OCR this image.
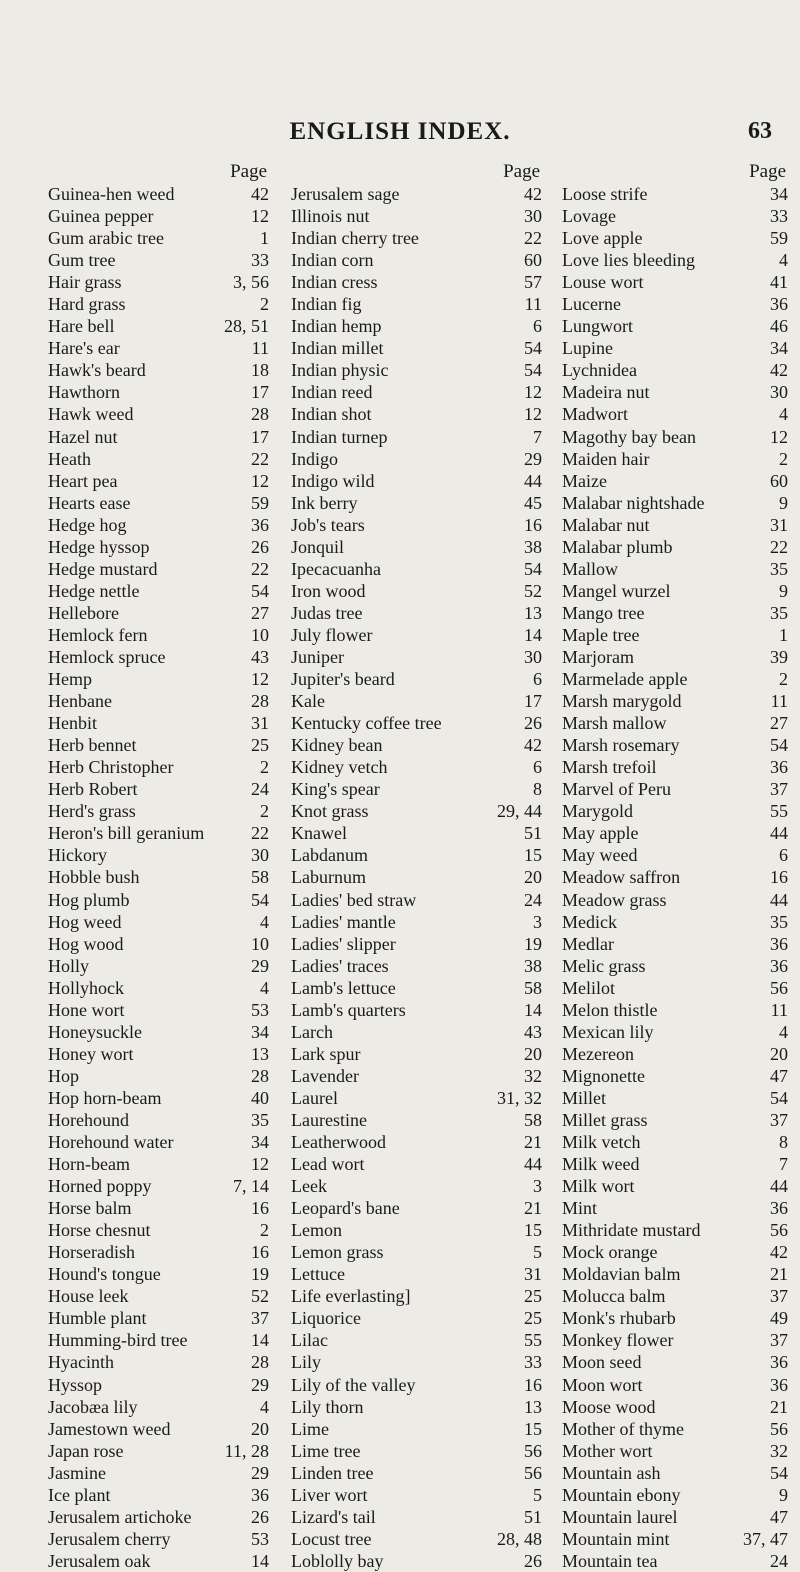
ENGLISH INDEX.	63
Page
Guinea-hen weed	42
Guinea pepper	12
Gum arabic tree	1
Gum tree	33
Hair grass	3, 56
Hard grass	2
Hare bell	28, 51
Hare's ear	11
Hawk's beard	18
Hawthorn	17
Hawk weed	28
Hazel nut	17
Heath	22
Heart pea	12
Hearts ease	59
Hedge hog	36
Hedge hyssop	26
Hedge mustard	22
Hedge nettle	54
Hellebore	27
Hemlock fern	10
Hemlock spruce	43
Hemp	12
Henbane	28
Henbit	31
Herb bennet	25
Herb Christopher	2
Herb Robert	24
Herd's grass	2
Heron's bill geranium	22
Hickory	30
Hobble bush	58
Hog plumb	54
Hog weed	4
Hog wood	10
Holly	29
Hollyhock	4
Hone wort	53
Honeysuckle	34
Honey wort	13
Hop	28
Hop horn-beam	40
Horehound	35
Horehound water	34
Horn-beam	12
Horned poppy	7, 14
Horse balm	16
Horse chesnut	2
Horseradish	16
Hound's tongue	19
House leek	52
Humble plant	37
Humming-bird tree	14
Hyacinth	28
Hyssop	29
Jacobæa lily	4
Jamestown weed	20
Japan rose	11, 28
Jasmine	29
Ice plant	36
Jerusalem artichoke	26
Jerusalem cherry	53
Jerusalem oak	14
Page
Jerusalem sage	42
Illinois nut	30
Indian cherry tree	22
Indian corn	60
Indian cress	57
Indian fig	11
Indian hemp	6
Indian millet	54
Indian physic	54
Indian reed	12
Indian shot	12
Indian turnep	7
Indigo	29
Indigo wild	44
Ink berry	45
Job's tears	16
Jonquil	38
Ipecacuanha	54
Iron wood	52
Judas tree	13
July flower	14
Juniper	30
Jupiter's beard	6
Kale	17
Kentucky coffee tree	26
Kidney bean	42
Kidney vetch	6
King's spear	8
Knot grass	29, 44
Knawel	51
Labdanum	15
Laburnum	20
Ladies' bed straw	24
Ladies' mantle	3
Ladies' slipper	19
Ladies' traces	38
Lamb's lettuce	58
Lamb's quarters	14
Larch	43
Lark spur	20
Lavender	32
Laurel	31, 32
Laurestine	58
Leatherwood	21
Lead wort	44
Leek	3
Leopard's bane	21
Lemon	15
Lemon grass	5
Lettuce	31
Life everlasting]	25
Liquorice	25
Lilac	55
Lily	33
Lily of the valley	16
Lily thorn	13
Lime	15
Lime tree	56
Linden tree	56
Liver wort	5
Lizard's tail	51
Locust tree	28, 48
Loblolly bay	26
Page
Loose strife	34
Lovage	33
Love apple	59
Love lies bleeding	4
Louse wort	41
Lucerne	36
Lungwort	46
Lupine	34
Lychnidea	42
Madeira nut	30
Madwort	4
Magothy bay bean	12
Maiden hair	2
Maize	60
Malabar nightshade	9
Malabar nut	31
Malabar plumb	22
Mallow	35
Mangel wurzel	9
Mango tree	35
Maple tree	1
Marjoram	39
Marmelade apple	2
Marsh marygold	11
Marsh mallow	27
Marsh rosemary	54
Marsh trefoil	36
Marvel of Peru	37
Marygold	55
May apple	44
May weed	6
Meadow saffron	16
Meadow grass	44
Medick	35
Medlar	36
Melic grass	36
Melilot	56
Melon thistle	11
Mexican lily	4
Mezereon	20
Mignonette	47
Millet	54
Millet grass	37
Milk vetch	8
Milk weed	7
Milk wort	44
Mint	36
Mithridate mustard	56
Mock orange	42
Moldavian balm	21
Molucca balm	37
Monk's rhubarb	49
Monkey flower	37
Moon seed	36
Moon wort	36
Moose wood	21
Mother of thyme	56
Mother wort	32
Mountain ash	54
Mountain ebony	9
Mountain laurel	47
Mountain mint	37, 47
Mountain tea	24
